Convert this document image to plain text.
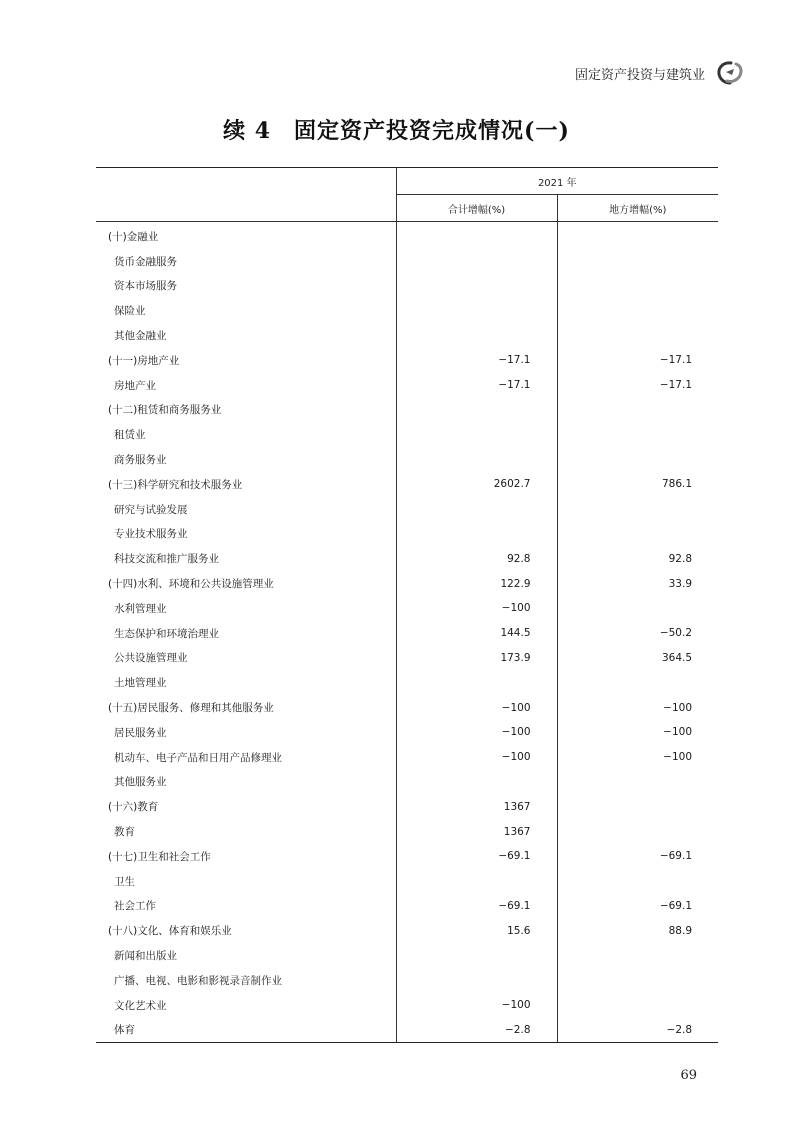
固定资产投资与建筑业
续 4　固定资产投资完成情况(一)
	2021 年	
	合计增幅(%)	地方增幅(%)
(十)金融业		
货币金融服务		
资本市场服务		
保险业		
其他金融业		
(十一)房地产业	−17.1	−17.1
房地产业	−17.1	−17.1
(十二)租赁和商务服务业		
租赁业		
商务服务业		
(十三)科学研究和技术服务业	2602.7	786.1
研究与试验发展		
专业技术服务业		
科技交流和推广服务业	92.8	92.8
(十四)水利、环境和公共设施管理业	122.9	33.9
水利管理业	−100	
生态保护和环境治理业	144.5	−50.2
公共设施管理业	173.9	364.5
土地管理业		
(十五)居民服务、修理和其他服务业	−100	−100
居民服务业	−100	−100
机动车、电子产品和日用产品修理业	−100	−100
其他服务业		
(十六)教育	1367	
教育	1367	
(十七)卫生和社会工作	−69.1	−69.1
卫生		
社会工作	−69.1	−69.1
(十八)文化、体育和娱乐业	15.6	88.9
新闻和出版业		
广播、电视、电影和影视录音制作业		
文化艺术业	−100	
体育	−2.8	−2.8
69
